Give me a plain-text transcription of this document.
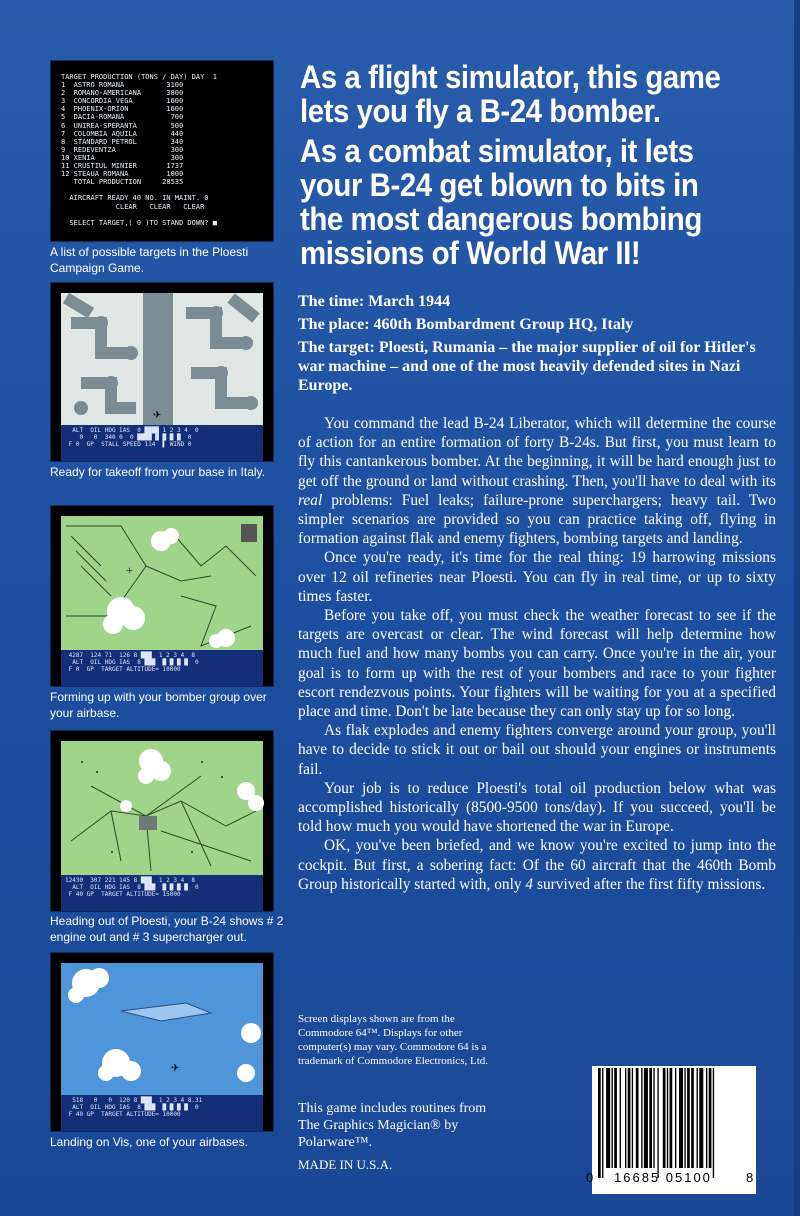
TARGET PRODUCTION (TONS / DAY) DAY  1
1  ASTRO ROMANA          3100
2  ROMANO-AMERICANA      3800
3  CONCORDIA VEGA        1600
4  PHOENIX-ORION         1600
5  DACIA-ROMANA           700
6  UNIREA-SPERANTA        500
7  COLOMBIA AQUILA        440
8  STANDARD PETROL        340
9  REDEVENTZA             300
10 XENIA                  300
11 CRUSTIUL MINIER       1737
12 STEAUA ROMANA         1000
TOTAL PRODUCTION     28535

AIRCRAFT READY 40 NO. IN MAINT. 0
CLEAR   CLEAR   CLEAR

SELECT TARGET,( 0 )TO STAND DOWN? ■
A list of possible targets in the Ploesti Campaign Game.
✈
ALT  OIL HDG IAS  0 ████ 1 2 3 4  0
0   0  340 0  0 ████ █ █ █ █  0
F 0  GP  STALL SPEED 114  ▌ WIND 0
Ready for takeoff from your base in Italy.
+
4287  124 71  126 8 ███  1 2 3 4  8
ALT  OIL HDG IAS  8 ███  █ █ █ █  0
F 0  GP  TARGET ALTITUDE= 10000
Forming up with your bomber group over your airbase.
12430  307 221 145 8 ███  1 2 3 4  8
ALT  OIL HDG IAS  8 ███  █ █ █ █  0
F 40 GP  TARGET ALTITUDE= 15000
Heading out of Ploesti, your B-24 shows # 2 engine out and # 3 supercharger out.
✈
518   0   0  120 8 ███  1 2 3 4 8.31
ALT  OIL HDG IAS  8 ███  █ █ █ █  0
F 40 GP  TARGET ALTITUDE= 10000
Landing on Vis, one of your airbases.

As a flight simulator, this game lets you fly a B-24 bomber.

As a combat simulator, it lets your B-24 get blown to bits in the most dangerous bombing missions of World War II!

The time: March 1944

The place: 460th Bombardment Group HQ, Italy

The target: Ploesti, Rumania – the major supplier of oil for Hitler's war machine – and one of the most heavily defended sites in Nazi Europe.

You command the lead B-24 Liberator, which will determine the course of action for an entire formation of forty B-24s. But first, you must learn to fly this cantankerous bomber. At the beginning, it will be hard enough just to get off the ground or land without crashing. Then, you'll have to deal with its real problems: Fuel leaks; failure-prone superchargers; heavy tail. Two simpler scenarios are provided so you can practice taking off, flying in formation against flak and enemy fighters, bombing targets and landing.

Once you're ready, it's time for the real thing: 19 harrowing missions over 12 oil refineries near Ploesti. You can fly in real time, or up to sixty times faster.

Before you take off, you must check the weather forecast to see if the targets are overcast or clear. The wind forecast will help determine how much fuel and how many bombs you can carry. Once you're in the air, your goal is to form up with the rest of your bombers and race to your fighter escort rendezvous points. Your fighters will be waiting for you at a specified place and time. Don't be late because they can only stay up for so long.

As flak explodes and enemy fighters converge around your group, you'll have to decide to stick it out or bail out should your engines or instruments fail.

Your job is to reduce Ploesti's total oil production below what was accomplished historically (8500-9500 tons/day). If you succeed, you'll be told how much you would have shortened the war in Europe.

OK, you've been briefed, and we know you're excited to jump into the cockpit. But first, a sobering fact: Of the 60 aircraft that the 460th Bomb Group historically started with, only 4 survived after the first fifty missions.

Screen displays shown are from the Commodore 64™. Displays for other computer(s) may vary. Commodore 64 is a trademark of Commodore Electronics, Ltd.
This game includes routines from The Graphics Magician® by Polarware™.
MADE IN U.S.A.
0 16685 05100	8
